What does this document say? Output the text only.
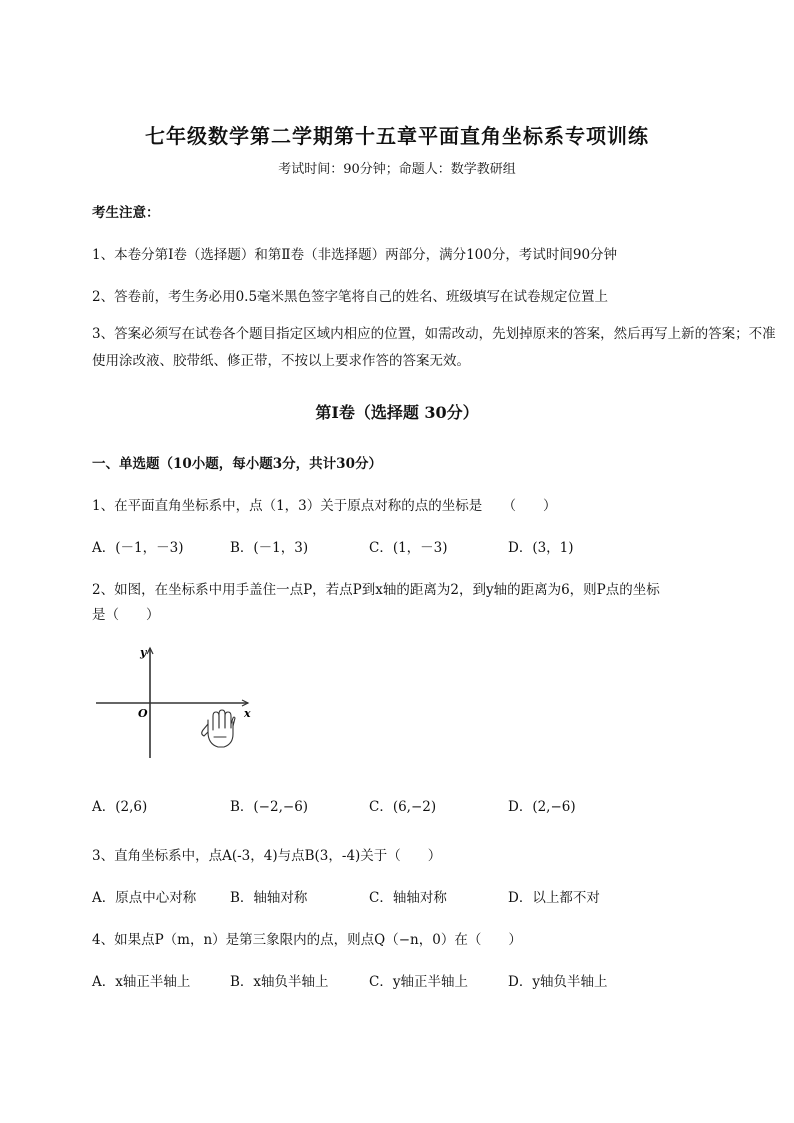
七年级数学第二学期第十五章平面直角坐标系专项训练
考试时间：90分钟；命题人：数学教研组
考生注意：
1、本卷分第I卷（选择题）和第Ⅱ卷（非选择题）两部分，满分100分，考试时间90分钟
2、答卷前，考生务必用0.5毫米黑色签字笔将自己的姓名、班级填写在试卷规定位置上
3、答案必须写在试卷各个题目指定区域内相应的位置，如需改动，先划掉原来的答案，然后再写上新的答案；不准使用涂改液、胶带纸、修正带，不按以上要求作答的答案无效。
第I卷（选择题 30分）
一、单选题（10小题，每小题3分，共计30分）
1、在平面直角坐标系中，点（1，3）关于原点对称的点的坐标是　　（　　）
A．(－1，－3)	B．(－1，3)	C．(1，－3)	D．(3，1)
2、如图，在坐标系中用手盖住一点P，若点P到x轴的距离为2，到y轴的距离为6，则P点的坐标
是（　　）
y
x
O
A．(2,6)	B．(−2,−6)	C．(6,−2)	D．(2,−6)
3、直角坐标系中，点A(-3，4)与点B(3，-4)关于（　　）
A．原点中心对称	B．轴轴对称	C．轴轴对称	D．以上都不对
4、如果点P（m，n）是第三象限内的点，则点Q（−n，0）在（　　）
A．x轴正半轴上	B．x轴负半轴上	C．y轴正半轴上	D．y轴负半轴上
